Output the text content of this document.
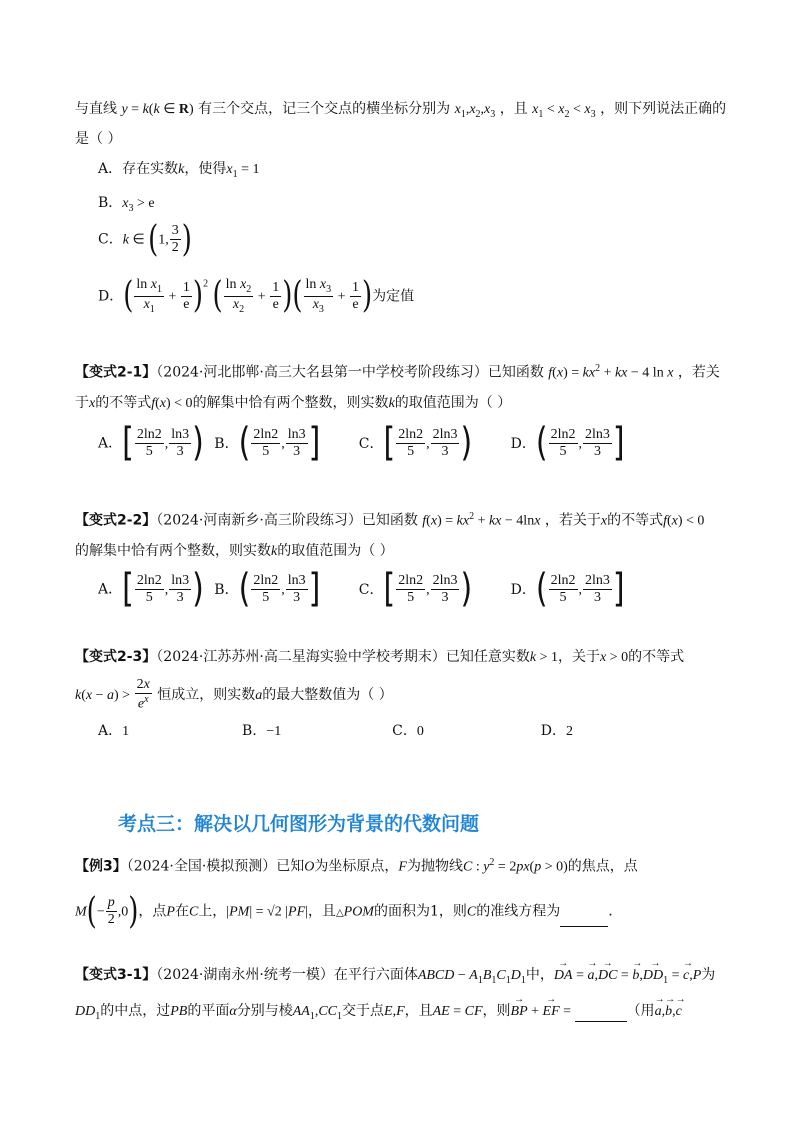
与直线 y = k(k ∈ R) 有三个交点，记三个交点的横坐标分别为 $x_1,x_2,x_3$ ，且 $x_1 < x_2 < x_3$ ，则下列说法正确的
是（ ）
A．存在实数k，使得$x_1 = 1$
B．$x_3 > e$
C．k ∈ (1, $\frac{3}{2}$ )
D．( $\frac{\ln x_1}{x_1} + \frac{1}{e} )^2$ ( $\frac{\ln x_2}{x_2} + \frac{1}{e}$ )( $\frac{\ln x_3}{x_3} + \frac{1}{e}$ )为定值
【变式2-1】（2024·河北邯郸·高三大名县第一中学校考阶段练习）已知函数 $f(x) = kx^2$ + kx − 4 ln x ，若关
于x的不等式f(x) < 0的解集中恰有两个整数，则实数k的取值范围为（ ）
A．[ $\frac{2\ln 2}{5}$ , $\frac{\ln 3}{3}$ ) B．( $\frac{2\ln 2}{5}$ , $\frac{\ln 3}{3}$ ]	C．[ $\frac{2\ln 2}{5}$ , $\frac{2\ln 3}{3}$ )	D．( $\frac{2\ln 2}{5}$ , $\frac{2\ln 3}{3}$ ]
【变式2-2】（2024·河南新乡·高三阶段练习）已知函数 $f(x) = kx^2$ + kx − 4lnx ，若关于x的不等式f(x) < 0
的解集中恰有两个整数，则实数k的取值范围为（ ）
A．[ $\frac{2\ln 2}{5}$ , $\frac{\ln 3}{3}$ ) B．( $\frac{2\ln 2}{5}$ , $\frac{\ln 3}{3}$ ]	C．[ $\frac{2\ln 2}{5}$ , $\frac{2\ln 3}{3}$ )	D．( $\frac{2\ln 2}{5}$ , $\frac{2\ln 3}{3}$ ]
【变式2-3】（2024·江苏苏州·高二星海实验中学校考期末）已知任意实数k > 1，关于x > 0的不等式
$k(x - a) > \frac{2x}{e^x}$ 恒成立，则实数a的最大整数值为（ ）
A．1	B．−1	C．0	D．2
考点三：解决以几何图形为背景的代数问题
【例3】（2024·全国·模拟预测）已知O为坐标原点，F为抛物线C : $y^2 = 2px(p > 0)$的焦点，点
$M(- \frac{p}{2} ,0)$，点P在C上，|PM| = √2 |PF|，且△POM的面积为1，则C的准线方程为	.
【变式3-1】（2024·湖南永州·统考一模）在平行六面体ABCD − $A_1B_1C_1D_1$中，→ DA = → a,→ DC = → $b,\to DD_1$ = → c,P为
$DD_1$的中点，过PB的平面α分别与棱$AA_1,CC_1$交于点E,F，且AE = CF，则→ BP + → EF =	（用→ a,→ b,→ c
